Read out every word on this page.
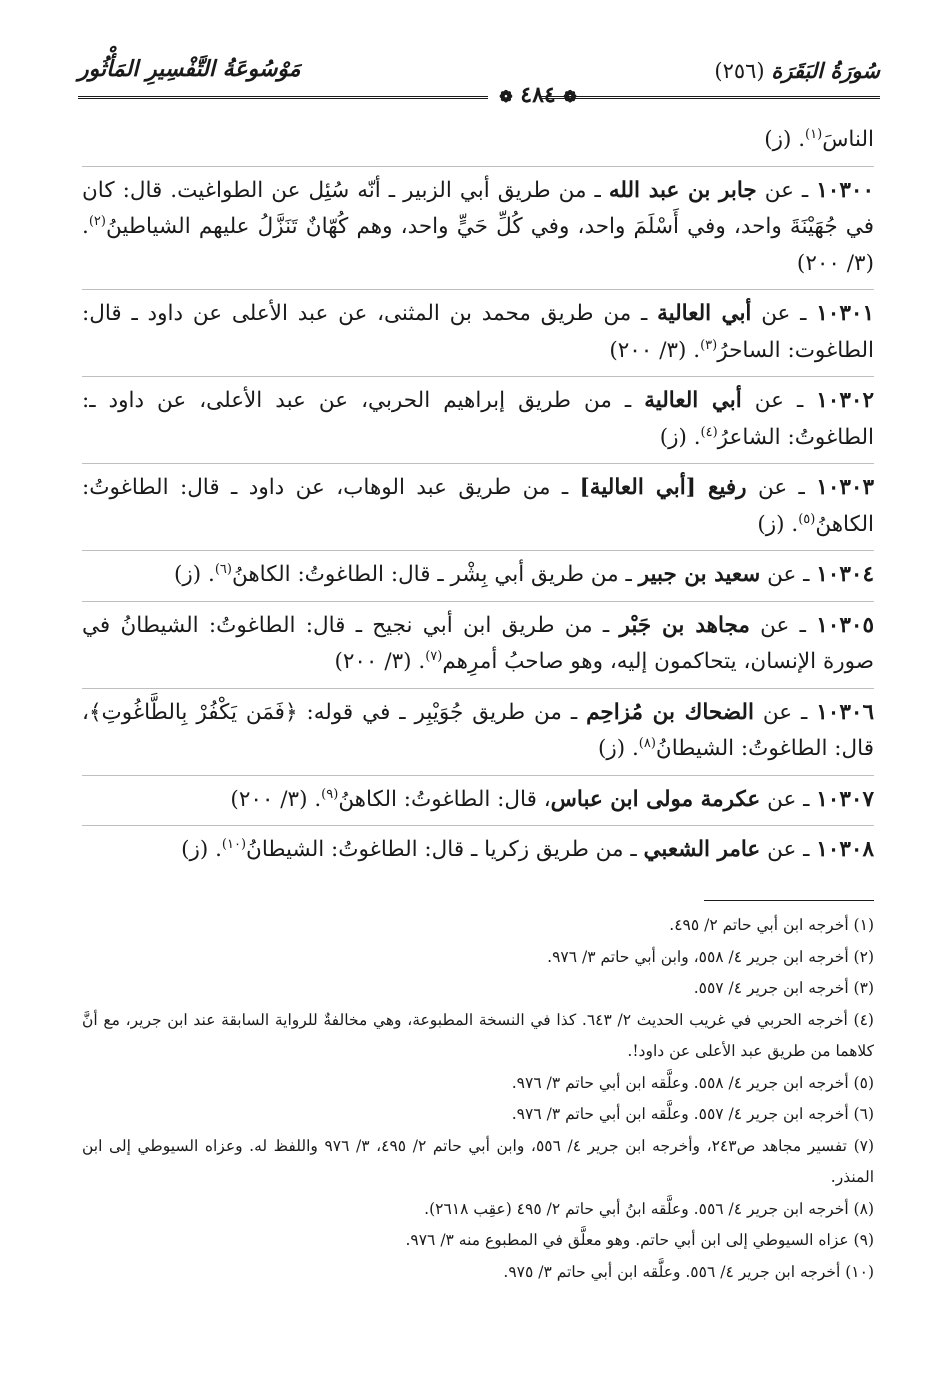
سُورَةُ البَقَرَة (٢٥٦)
مَوْسُوعَةُ التَّفْسِيرِ المَأْثُور
❁ ٤٨٤ ❁

الناسَ$^{(١)}$. (ز)

١٠٣٠٠ ـ عن جابر بن عبد الله ـ من طريق أبي الزبير ـ أنّه سُئِل عن الطواغيت. قال: كان في جُهَيْنَةَ واحد، وفي أَسْلَمَ واحد، وفي كُلِّ حَيٍّ واحد، وهم كُهّانٌ تَنَزَّلُ عليهم الشياطينُ$^{(٢)}$. (٣/ ٢٠٠)

١٠٣٠١ ـ عن أبي العالية ـ من طريق محمد بن المثنى، عن عبد الأعلى عن داود ـ قال: الطاغوت: الساحرُ$^{(٣)}$. (٣/ ٢٠٠)

١٠٣٠٢ ـ عن أبي العالية ـ من طريق إبراهيم الحربي، عن عبد الأعلى، عن داود ـ: الطاغوتُ: الشاعرُ$^{(٤)}$. (ز)

١٠٣٠٣ ـ عن رفيع [أبي العالية] ـ من طريق عبد الوهاب، عن داود ـ قال: الطاغوتُ: الكاهنُ$^{(٥)}$. (ز)

١٠٣٠٤ ـ عن سعيد بن جبير ـ من طريق أبي بِشْر ـ قال: الطاغوتُ: الكاهنُ$^{(٦)}$. (ز)

١٠٣٠٥ ـ عن مجاهد بن جَبْر ـ من طريق ابن أبي نجيح ـ قال: الطاغوتُ: الشيطانُ في صورة الإنسان، يتحاكمون إليه، وهو صاحبُ أمرِهم$^{(٧)}$. (٣/ ٢٠٠)

١٠٣٠٦ ـ عن الضحاك بن مُزاحِم ـ من طريق جُوَيْبِر ـ في قوله: ﴿فَمَن يَكْفُرْ بِالطَّاغُوتِ﴾، قال: الطاغوتُ: الشيطانُ$^{(٨)}$. (ز)

١٠٣٠٧ ـ عن عكرمة مولى ابن عباس، قال: الطاغوتُ: الكاهنُ$^{(٩)}$. (٣/ ٢٠٠)

١٠٣٠٨ ـ عن عامر الشعبي ـ من طريق زكريا ـ قال: الطاغوتُ: الشيطانُ$^{(١٠)}$. (ز)

(١) أخرجه ابن أبي حاتم ٢/ ٤٩٥.

(٢) أخرجه ابن جرير ٤/ ٥٥٨، وابن أبي حاتم ٣/ ٩٧٦.

(٣) أخرجه ابن جرير ٤/ ٥٥٧.

(٤) أخرجه الحربي في غريب الحديث ٢/ ٦٤٣. كذا في النسخة المطبوعة، وهي مخالفةٌ للرواية السابقة عند ابن جرير، مع أنَّ كلاهما من طريق عبد الأعلى عن داود!.

(٥) أخرجه ابن جرير ٤/ ٥٥٨. وعلَّقه ابن أبي حاتم ٣/ ٩٧٦.

(٦) أخرجه ابن جرير ٤/ ٥٥٧. وعلَّقه ابن أبي حاتم ٣/ ٩٧٦.

(٧) تفسير مجاهد ص٢٤٣، وأخرجه ابن جرير ٤/ ٥٥٦، وابن أبي حاتم ٢/ ٤٩٥، ٣/ ٩٧٦ واللفظ له. وعزاه السيوطي إلى ابن المنذر.

(٨) أخرجه ابن جرير ٤/ ٥٥٦. وعلَّقه ابنُ أبي حاتم ٢/ ٤٩٥ (عقِب ٢٦١٨).

(٩) عزاه السيوطي إلى ابن أبي حاتم. وهو معلَّق في المطبوع منه ٣/ ٩٧٦.

(١٠) أخرجه ابن جرير ٤/ ٥٥٦. وعلَّقه ابن أبي حاتم ٣/ ٩٧٥.
